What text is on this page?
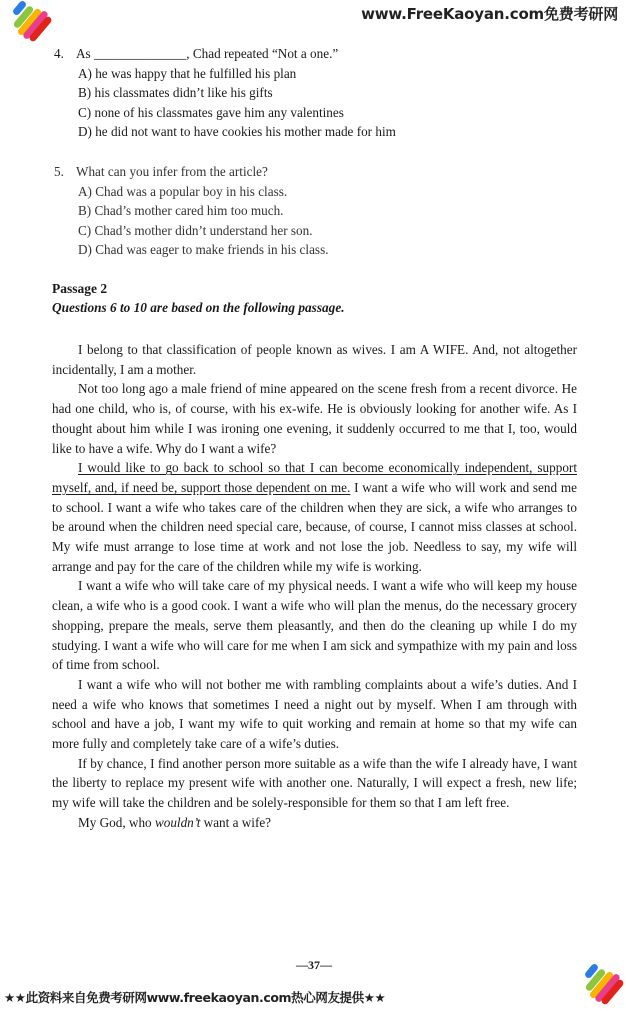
www.FreeKaoyan.com免费考研网
4. As ______________, Chad repeated “Not a one.”
A) he was happy that he fulfilled his plan
B) his classmates didn’t like his gifts
C) none of his classmates gave him any valentines
D) he did not want to have cookies his mother made for him
5. What can you infer from the article?
A) Chad was a popular boy in his class.
B) Chad’s mother cared him too much.
C) Chad’s mother didn’t understand her son.
D) Chad was eager to make friends in his class.
Passage 2
Questions 6 to 10 are based on the following passage.

I belong to that classification of people known as wives. I am A WIFE. And, not altogether incidentally, I am a mother.

Not too long ago a male friend of mine appeared on the scene fresh from a recent divorce. He had one child, who is, of course, with his ex-wife. He is obviously looking for another wife. As I thought about him while I was ironing one evening, it suddenly occurred to me that I, too, would like to have a wife. Why do I want a wife?

I would like to go back to school so that I can become economically independent, support myself, and, if need be, support those dependent on me. I want a wife who will work and send me to school. I want a wife who takes care of the children when they are sick, a wife who arranges to be around when the children need special care, because, of course, I cannot miss classes at school. My wife must arrange to lose time at work and not lose the job. Needless to say, my wife will arrange and pay for the care of the children while my wife is working.

I want a wife who will take care of my physical needs. I want a wife who will keep my house clean, a wife who is a good cook. I want a wife who will plan the menus, do the necessary grocery shopping, prepare the meals, serve them pleasantly, and then do the cleaning up while I do my studying. I want a wife who will care for me when I am sick and sympathize with my pain and loss of time from school.

I want a wife who will not bother me with rambling complaints about a wife’s duties. And I need a wife who knows that sometimes I need a night out by myself. When I am through with school and have a job, I want my wife to quit working and remain at home so that my wife can more fully and completely take care of a wife’s duties.

If by chance, I find another person more suitable as a wife than the wife I already have, I want the liberty to replace my present wife with another one. Naturally, I will expect a fresh, new life; my wife will take the children and be solely-responsible for them so that I am left free.

My God, who wouldn’t want a wife?

—37—
★★此资料来自免费考研网www.freekaoyan.com热心网友提供★★
